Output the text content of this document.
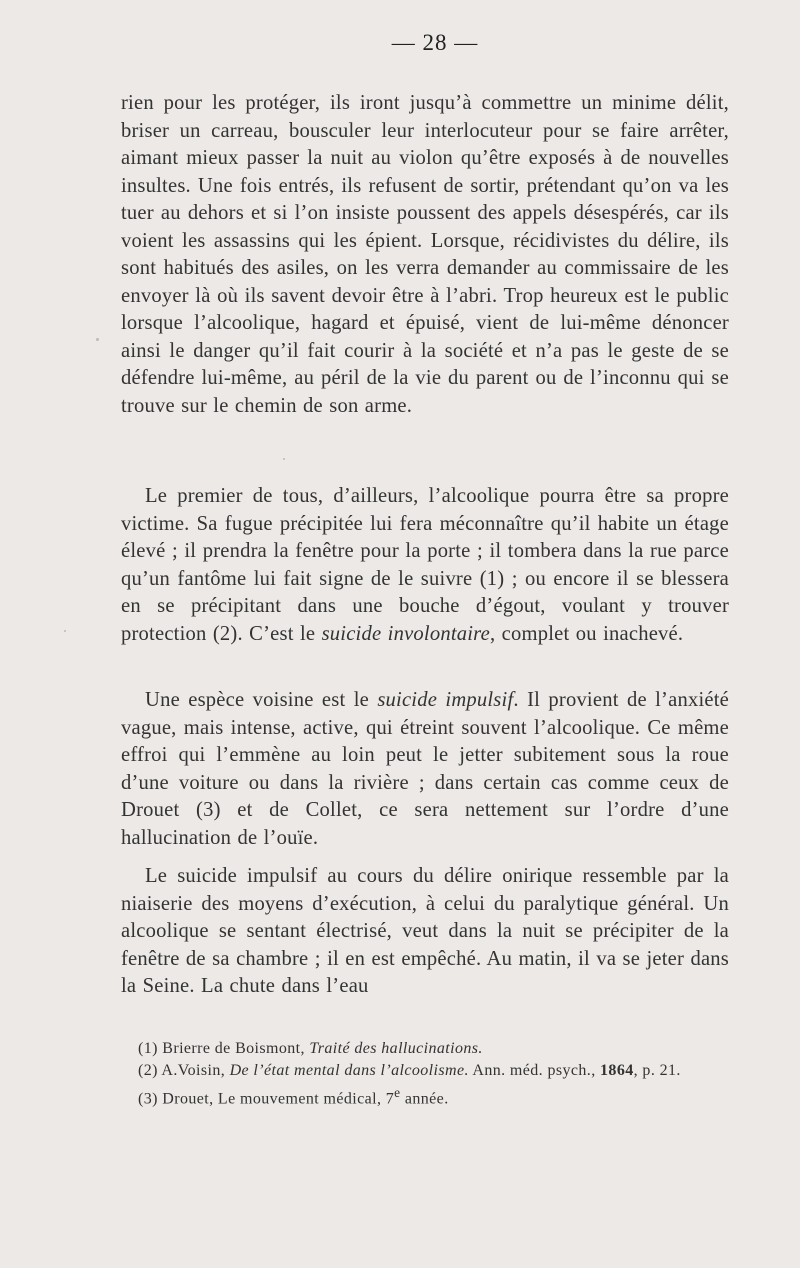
— 28 —

rien pour les protéger, ils iront jusqu’à commettre un minime délit, briser un carreau, bousculer leur interlocuteur pour se faire arrêter, aimant mieux passer la nuit au violon qu’être exposés à de nouvelles insultes. Une fois entrés, ils refusent de sortir, prétendant qu’on va les tuer au dehors et si l’on insiste poussent des appels désespérés, car ils voient les assassins qui les épient. Lorsque, récidivistes du délire, ils sont habitués des asiles, on les verra demander au commissaire de les envoyer là où ils savent devoir être à l’abri. Trop heureux est le public lorsque l’alcoolique, hagard et épuisé, vient de lui-même dénoncer ainsi le danger qu’il fait courir à la société et n’a pas le geste de se défendre lui-même, au péril de la vie du parent ou de l’inconnu qui se trouve sur le chemin de son arme.

Le premier de tous, d’ailleurs, l’alcoolique pourra être sa propre victime. Sa fugue précipitée lui fera méconnaître qu’il habite un étage élevé ; il prendra la fenêtre pour la porte ; il tombera dans la rue parce qu’un fantôme lui fait signe de le suivre (1) ; ou encore il se blessera en se précipitant dans une bouche d’égout, voulant y trouver protection (2). C’est le suicide involontaire, complet ou inachevé.

Une espèce voisine est le suicide impulsif. Il provient de l’anxiété vague, mais intense, active, qui étreint souvent l’alcoolique. Ce même effroi qui l’emmène au loin peut le jetter subitement sous la roue d’une voiture ou dans la rivière ; dans certain cas comme ceux de Drouet (3) et de Collet, ce sera nettement sur l’ordre d’une hallucination de l’ouïe.

Le suicide impulsif au cours du délire onirique ressemble par la niaiserie des moyens d’exécution, à celui du paralytique général. Un alcoolique se sentant électrisé, veut dans la nuit se précipiter de la fenêtre de sa chambre ; il en est empêché. Au matin, il va se jeter dans la Seine. La chute dans l’eau

(1) Brierre de Boismont, Traité des hallucinations.

(2) A.Voisin, De l’état mental dans l’alcoolisme. Ann. méd. psych., 1864, p. 21.

(3) Drouet, Le mouvement médical, 7e année.
